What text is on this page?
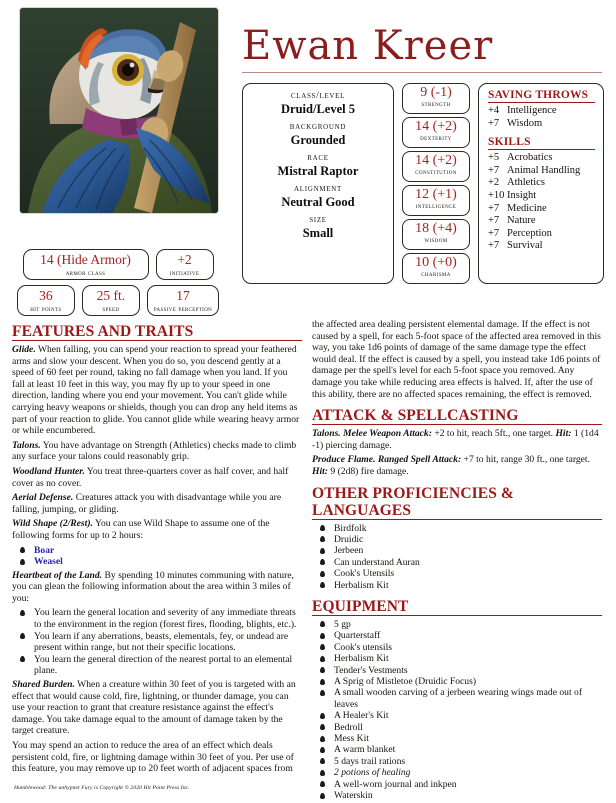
Ewan Kreer
class/level
Druid/Level 5
background
Grounded
race
Mistral Raptor
alignment
Neutral Good
size
Small
9 (-1)
strength
14 (+2)
dexterity
14 (+2)
constitution
12 (+1)
intelligence
18 (+4)
wisdom
10 (+0)
charisma
SAVING THROWS
+4 Intelligence
+7 Wisdom
SKILLS
+5 Acrobatics
+7 Animal Handling
+2 Athletics
+10 Insight
+7 Medicine
+7 Nature
+7 Perception
+7 Survival
14 (Hide Armor)
armor class
+2
initiative
36
hit points
25 ft.
speed
17
passive perception
FEATURES AND TRAITS

Glide. When falling, you can spend your reaction to spread your feathered arms and slow your descent. When you do so, you descend gently at a speed of 60 feet per round, taking no fall damage when you land. If you fall at least 10 feet in this way, you may fly up to your speed in one direction, landing where you end your movement. You can't glide while carrying heavy weapons or shields, though you can drop any held items as part of your reaction to glide. You cannot glide while wearing heavy armor or while encumbered.

Talons. You have advantage on Strength (Athletics) checks made to climb any surface your talons could reasonably grip.

Woodland Hunter. You treat three-quarters cover as half cover, and half cover as no cover.

Aerial Defense. Creatures attack you with disadvantage while you are falling, jumping, or gliding.

Wild Shape (2/Rest). You can use Wild Shape to assume one of the following forms for up to 2 hours:

Boar
Weasel

Heartbeat of the Land. By spending 10 minutes communing with nature, you can glean the following information about the area within 3 miles of you:

You learn the general location and severity of any immediate threats to the environment in the region (forest fires, flooding, blights, etc.).
You learn if any aberrations, beasts, elementals, fey, or undead are present within range, but not their specific locations.
You learn the general direction of the nearest portal to an elemental plane.

Shared Burden. When a creature within 30 feet of you is targeted with an effect that would cause cold, fire, lightning, or thunder damage, you can use your reaction to grant that creature resistance against the effect's damage. You take damage equal to the amount of damage taken by the target creature.

You may spend an action to reduce the area of an effect which deals persistent cold, fire, or lightning damage within 30 feet of you. Per use of this feature, you may remove up to 20 feet worth of adjacent spaces from

the affected area dealing persistent elemental damage. If the effect is not caused by a spell, for each 5-foot space of the affected area removed in this way, you take 1d6 points of damage of the same damage type the effect would deal. If the effect is caused by a spell, you instead take 1d6 points of damage per the spell's level for each 5-foot space you removed. Any damage you take while reducing area effects is halved. If, after the use of this ability, there are no affected spaces remaining, the effect is removed.

ATTACK & SPELLCASTING

Talons. Melee Weapon Attack: +2 to hit, reach 5ft., one target. Hit: 1 (1d4 -1) piercing damage.

Produce Flame. Ranged Spell Attack: +7 to hit, range 30 ft., one target. Hit: 9 (2d8) fire damage.

OTHER PROFICIENCIES & LANGUAGES
Birdfolk
Druidic
Jerbeen
Can understand Auran
Cook's Utensils
Herbalism Kit
EQUIPMENT
5 gp
Quarterstaff
Cook's utensils
Herbalism Kit
Tender's Vestments
A Sprig of Mistletoe (Druidic Focus)
A small wooden carving of a jerbeen wearing wings made out of leaves
A Healer's Kit
Bedroll
Mess Kit
A warm blanket
5 days trail rations
2 potions of healing
A well-worn journal and inkpen
Waterskin
Humblewood: The unhypnet Fury is Copyright © 2020 Hit Point Press Inc.
